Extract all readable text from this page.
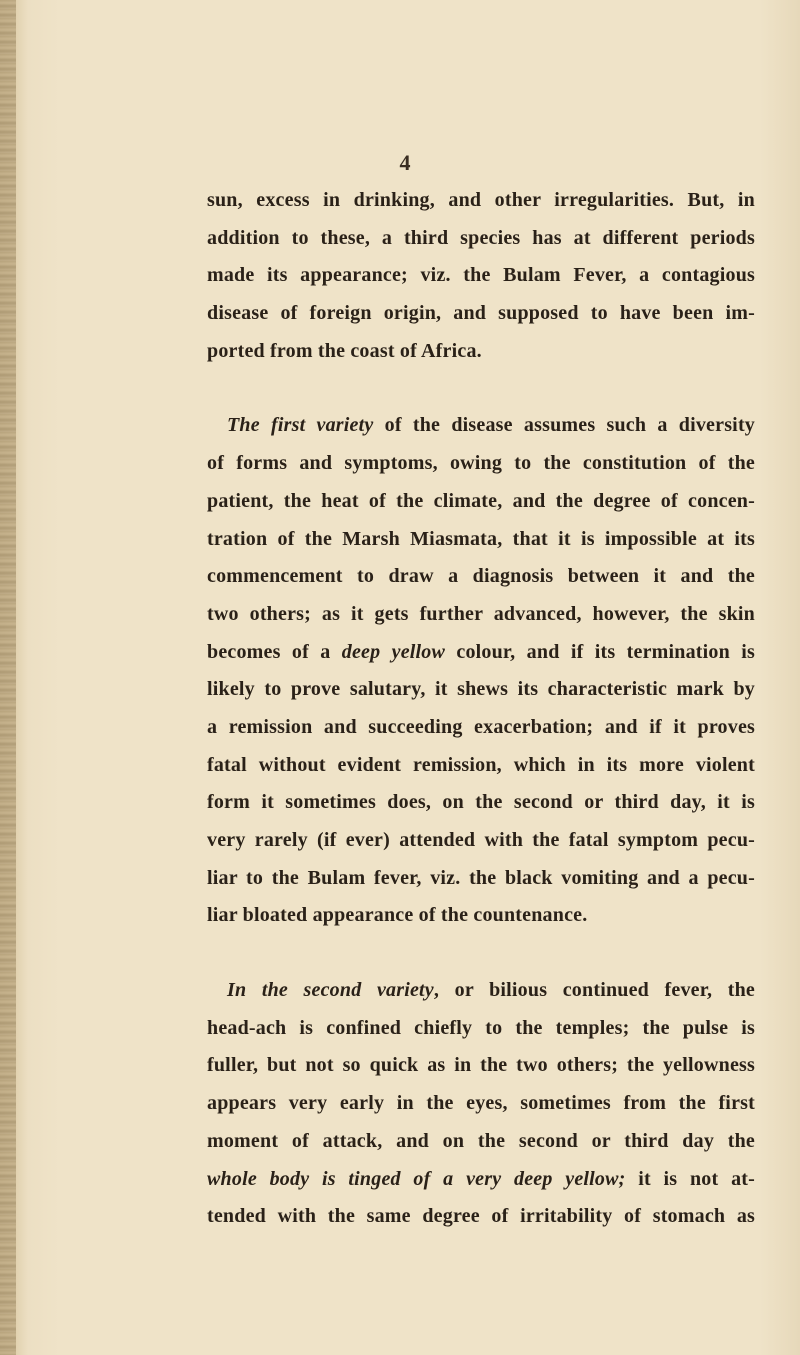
4
sun, excess in drinking, and other irregularities. But, in
addition to these, a third species has at different periods
made its appearance; viz. the Bulam Fever, a contagious
disease of foreign origin, and supposed to have been im-
ported from the coast of Africa.
The first variety of the disease assumes such a diversity
of forms and symptoms, owing to the constitution of the
patient, the heat of the climate, and the degree of concen-
tration of the Marsh Miasmata, that it is impossible at its
commencement to draw a diagnosis between it and the
two others; as it gets further advanced, however, the skin
becomes of a deep yellow colour, and if its termination is
likely to prove salutary, it shews its characteristic mark by
a remission and succeeding exacerbation; and if it proves
fatal without evident remission, which in its more violent
form it sometimes does, on the second or third day, it is
very rarely (if ever) attended with the fatal symptom pecu-
liar to the Bulam fever, viz. the black vomiting and a pecu-
liar bloated appearance of the countenance.
In the second variety, or bilious continued fever, the
head-ach is confined chiefly to the temples; the pulse is
fuller, but not so quick as in the two others; the yellowness
appears very early in the eyes, sometimes from the first
moment of attack, and on the second or third day the
whole body is tinged of a very deep yellow; it is not at-
tended with the same degree of irritability of stomach as
